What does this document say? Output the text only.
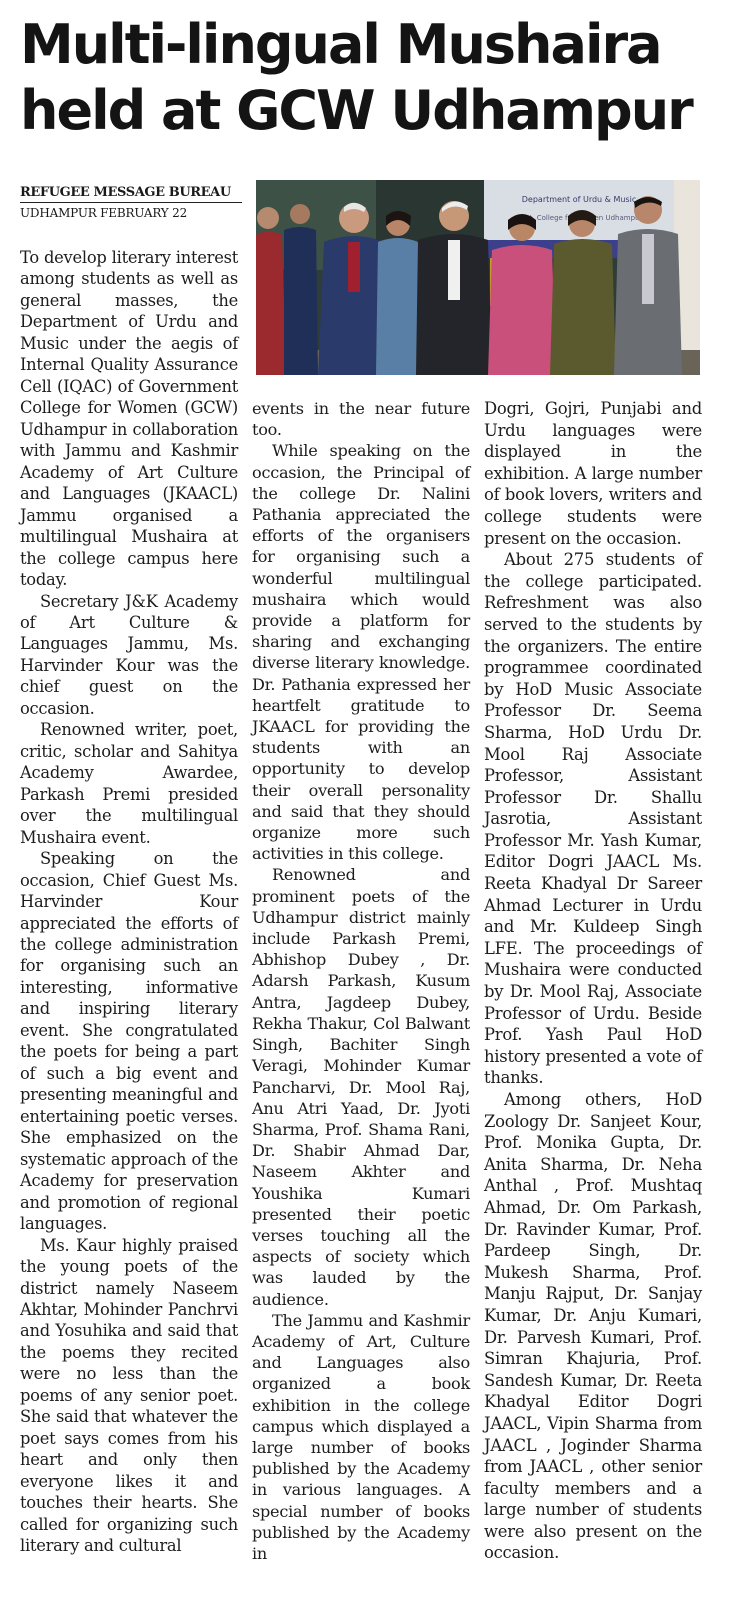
Multi-lingual Mushaira
held at GCW Udhampur
REFUGEE MESSAGE BUREAU
UDHAMPUR FEBRUARY 22
Department of Urdu & Music
College Udhampur

To develop literary interest among students as well as general masses, the Department of Urdu and Music under the aegis of Internal Quality Assurance Cell (IQAC) of Government College for Women (GCW) Udhampur in collaboration with Jammu and Kashmir Academy of Art Culture and Languages (JKAACL) Jammu organised a multilingual Mushaira at the college campus here today.

Secretary J&K Academy of Art Culture & Languages Jammu, Ms. Harvinder Kour was the chief guest on the occasion.

Renowned writer, poet, critic, scholar and Sahitya Academy Awardee, Parkash Premi presided over the multilingual Mushaira event.

Speaking on the occasion, Chief Guest Ms. Harvinder Kour appreciated the efforts of the college administration for organising such an interesting, informative and inspiring literary event. She congratulated the poets for being a part of such a big event and presenting meaningful and entertaining poetic verses. She emphasized on the systematic approach of the Academy for preservation and promotion of regional languages.

Ms. Kaur highly praised the young poets of the district namely Naseem Akhtar, Mohinder Panchrvi and Yosuhika and said that the poems they recited were no less than the poems of any senior poet. She said that whatever the poet says comes from his heart and only then everyone likes it and touches their hearts. She called for organizing such literary and cultural

events in the near future too.

While speaking on the occasion, the Principal of the college Dr. Nalini Pathania appreciated the efforts of the organisers for organising such a wonderful multilingual mushaira which would provide a platform for sharing and exchanging diverse literary knowledge. Dr. Pathania expressed her heartfelt gratitude to JKAACL for providing the students with an opportunity to develop their overall personality and said that they should organize more such activities in this college.

Renowned and prominent poets of the Udhampur district mainly include Parkash Premi, Abhishop Dubey , Dr. Adarsh Parkash, Kusum Antra, Jagdeep Dubey, Rekha Thakur, Col Balwant Singh, Bachiter Singh Veragi, Mohinder Kumar Pancharvi, Dr. Mool Raj, Anu Atri Yaad, Dr. Jyoti Sharma, Prof. Shama Rani, Dr. Shabir Ahmad Dar, Naseem Akhter and Youshika Kumari presented their poetic verses touching all the aspects of society which was lauded by the audience.

The Jammu and Kashmir Academy of Art, Culture and Languages also organized a book exhibition in the college campus which displayed a large number of books published by the Academy in various languages. A special number of books published by the Academy in

Dogri, Gojri, Punjabi and Urdu languages were displayed in the exhibition. A large number of book lovers, writers and college students were present on the occasion.

About 275 students of the college participated. Refreshment was also served to the students by the organizers. The entire programmee coordinated by HoD Music Associate Professor Dr. Seema Sharma, HoD Urdu Dr. Mool Raj Associate Professor, Assistant Professor Dr. Shallu Jasrotia, Assistant Professor Mr. Yash Kumar, Editor Dogri JAACL Ms. Reeta Khadyal Dr Sareer Ahmad Lecturer in Urdu and Mr. Kuldeep Singh LFE. The proceedings of Mushaira were conducted by Dr. Mool Raj, Associate Professor of Urdu. Beside Prof. Yash Paul HoD history presented a vote of thanks.

Among others, HoD Zoology Dr. Sanjeet Kour, Prof. Monika Gupta, Dr. Anita Sharma, Dr. Neha Anthal , Prof. Mushtaq Ahmad, Dr. Om Parkash, Dr. Ravinder Kumar, Prof. Pardeep Singh, Dr. Mukesh Sharma, Prof. Manju Rajput, Dr. Sanjay Kumar, Dr. Anju Kumari, Dr. Parvesh Kumari, Prof. Simran Khajuria, Prof. Sandesh Kumar, Dr. Reeta Khadyal Editor Dogri JAACL, Vipin Sharma from JAACL , Joginder Sharma from JAACL , other senior faculty members and a large number of students were also present on the occasion.
